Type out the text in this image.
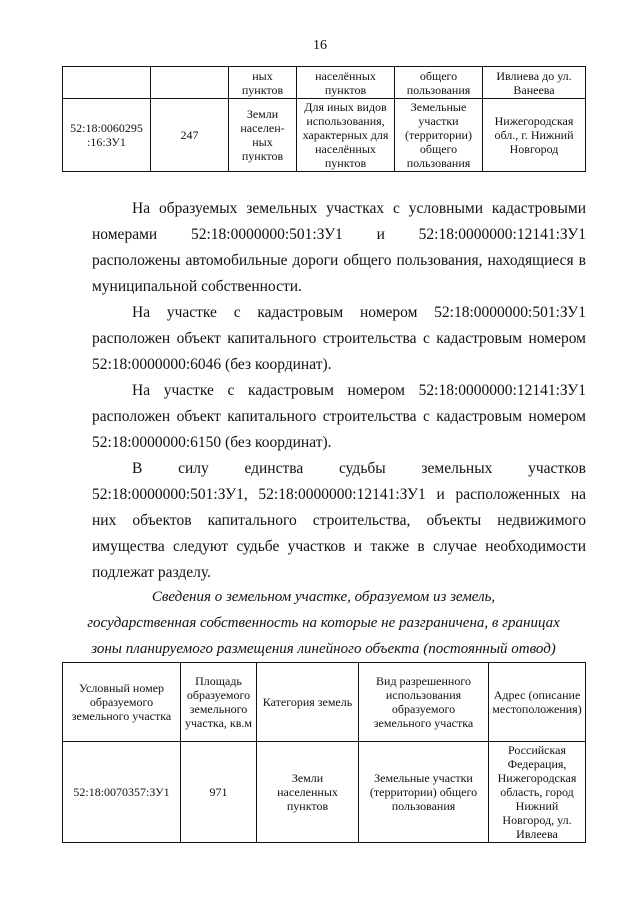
16
		ных пунктов	населённых пунктов	общего пользования	Ивлиева до ул. Ванеева
52:18:0060295 :16:ЗУ1	247	Земли населен-ных пунктов	Для иных видов использования, характерных для населённых пунктов	Земельные участки (территории) общего пользования	Нижегородская обл., г. Нижний Новгород

На образуемых земельных участках с условными кадастровыми номерами 52:18:0000000:501:ЗУ1 и 52:18:0000000:12141:ЗУ1 расположены автомобильные дороги общего пользования, находящиеся в муниципальной собственности.

На участке с кадастровым номером 52:18:0000000:501:ЗУ1 расположен объект капитального строительства с кадастровым номером 52:18:0000000:6046 (без координат).

На участке с кадастровым номером 52:18:0000000:12141:ЗУ1 расположен объект капитального строительства с кадастровым номером 52:18:0000000:6150 (без координат).

В силу единства судьбы земельных участков 52:18:0000000:501:ЗУ1, 52:18:0000000:12141:ЗУ1 и расположенных на них объектов капитального строительства, объекты недвижимого имущества следуют судьбе участков и также в случае необходимости подлежат разделу.

Сведения о земельном участке, образуемом из земель,
государственная собственность на которые не разграничена, в границах
зоны планируемого размещения линейного объекта (постоянный отвод)
Условный номер образуемого земельного участка	Площадь образуемого земельного участка, кв.м	Категория земель	Вид разрешенного использования образуемого земельного участка	Адрес (описание местоположения)
52:18:0070357:ЗУ1	971	Земли населенных пунктов	Земельные участки (территории) общего пользования	Российская Федерация, Нижегородская область, город Нижний Новгород, ул. Ивлеева
